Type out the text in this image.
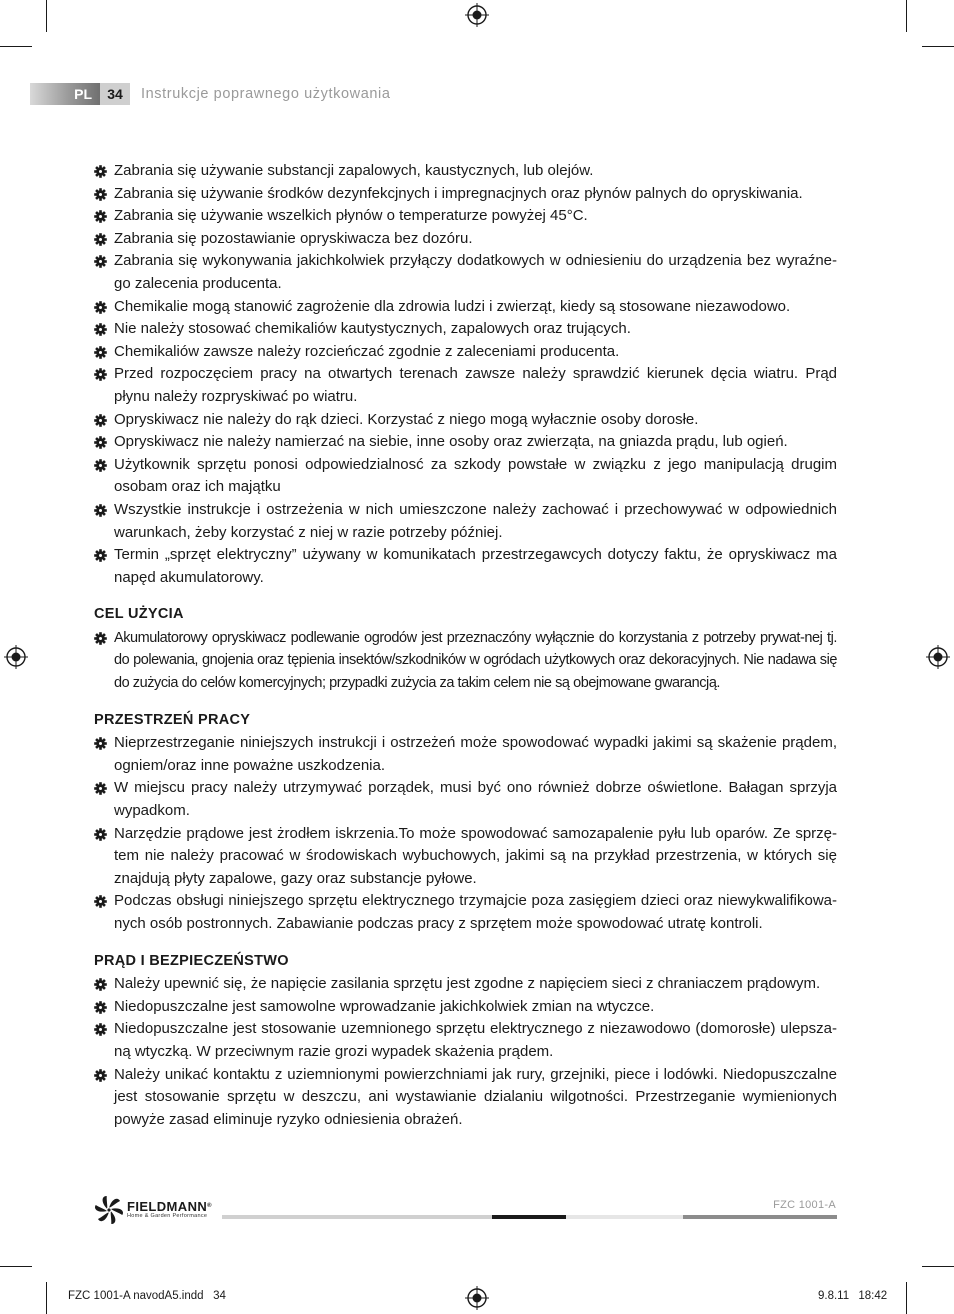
PL	34	Instrukcje poprawnego użytkowania
Zabrania się używanie substancji zapalowych, kaustycznych, lub olejów.
Zabrania się używanie środków dezynfekcjnych i impregnacjnych oraz płynów palnych do opryskiwania.
Zabrania się używanie wszelkich płynów o temperaturze powyżej 45°C.
Zabrania się pozostawianie opryskiwacza bez dozóru.
Zabrania się wykonywania jakichkolwiek przyłączy dodatkowych w odniesieniu do urządzenia bez wyraźne-go zalecenia producenta.
Chemikalie mogą stanowić zagrożenie dla zdrowia ludzi i zwierząt, kiedy są stosowane niezawodowo.
Nie należy stosować chemikaliów kautystycznych, zapalowych oraz trujących.
Chemikaliów zawsze należy rozcieńczać zgodnie z zaleceniami producenta.
Przed rozpoczęciem pracy na otwartych terenach zawsze należy sprawdzić kierunek dęcia wiatru. Prąd płynu należy rozpryskiwać po wiatru.
Opryskiwacz nie należy do rąk dzieci. Korzystać z niego mogą wyłacznie osoby dorosłe.
Opryskiwacz nie należy namierzać na siebie, inne osoby oraz zwierząta, na gniazda prądu, lub ogień.
Użytkownik sprzętu ponosi odpowiedzialnosć za szkody powstałe w związku z jego manipulacją drugim osobam oraz ich majątku
Wszystkie instrukcje i ostrzeżenia w nich umieszczone należy zachować i przechowywać w odpowiednich warunkach, żeby korzystać z niej w razie potrzeby później.
Termin „sprzęt elektryczny” używany w komunikatach przestrzegawcych dotyczy faktu, że opryskiwacz ma napęd akumulatorowy.
CEL UŻYCIA
Akumulatorowy opryskiwacz podlewanie ogrodów jest przeznaczóny wyłącznie do korzystania z potrzeby prywat-nej tj. do polewania, gnojenia oraz tępienia insektów/szkodników w ogródach użytkowych oraz dekoracyjnych. Nie nadawa się do zużycia do celów komercyjnych; przypadki zużycia za takim celem nie są obejmowane gwarancją.
PRZESTRZEŃ PRACY
Nieprzestrzeganie niniejszych instrukcji i ostrzeżeń może spowodować wypadki jakimi są skażenie prądem, ogniem/oraz inne poważne uszkodzenia.
W miejscu pracy należy utrzymywać porządek, musi być ono również dobrze oświetlone. Bałagan sprzyja wypadkom.
Narzędzie prądowe jest żrodłem iskrzenia.To może spowodować samozapalenie pyłu lub oparów. Ze sprzę-tem nie należy pracować w środowiskach wybuchowych, jakimi są na przykład przestrzenia, w których się znajdują płyty zapalowe, gazy oraz substancje pyłowe.
Podczas obsługi niniejszego sprzętu elektrycznego trzymajcie poza zasięgiem dzieci oraz niewykwalifikowa-nych osób postronnych. Zabawianie podczas pracy z sprzętem może spowodować utratę kontroli.
PRĄD I BEZPIECZEŃSTWO
Należy upewnić się, że napięcie zasilania sprzętu jest zgodne z napięciem sieci z chraniaczem prądowym.
Niedopuszczalne jest samowolne wprowadzanie jakichkolwiek zmian na wtyczce.
Niedopuszczalne jest stosowanie uzemnionego sprzętu elektrycznego z niezawodowo (domorosłe) ulepsza-ną wtyczką. W przeciwnym razie grozi wypadek skażenia prądem.
Należy unikać kontaktu z uziemnionymi powierzchniami jak rury, grzejniki, piece i lodówki. Niedopuszczalne jest stosowanie sprzętu w deszczu, ani wystawianie dzialaniu wilgotności. Przestrzeganie wymienionych powyże zasad eliminuje ryzyko odniesienia obrażeń.
FIELDMANN®
Home & Garden Performance
FZC 1001-A
FZC 1001-A navodA5.indd   34	9.8.11 18:42
